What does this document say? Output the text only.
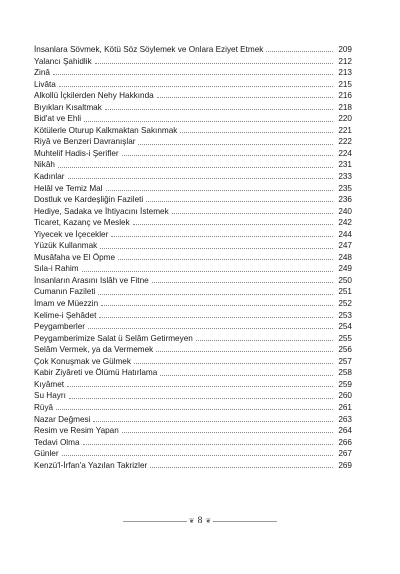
İnsanlara Sövmek, Kötü Söz Söylemek ve Onlara Eziyet Etmek	209
Yalancı Şahidlik	212
Zinâ	213
Livâta	215
Alkollü İçkilerden Nehy Hakkında	216
Bıyıkları Kısaltmak	218
Bid'at ve Ehli	220
Kötülerle Oturup Kalkmaktan Sakınmak	221
Riyâ ve Benzeri Davranışlar	222
Muhtelif Hadis-i Şerifler	224
Nikâh	231
Kadınlar	233
Helâl ve Temiz Mal	235
Dostluk ve Kardeşliğin Fazileti	236
Hediye, Sadaka ve İhtiyacını İstemek	240
Ticaret, Kazanç ve Meslek	242
Yiyecek ve İçecekler	244
Yüzük Kullanmak	247
Musâfaha ve El Öpme	248
Sıla-i Rahim	249
İnsanların Arasını Islâh ve Fitne	250
Cumanın Fazileti	251
İmam ve Müezzin	252
Kelime-i Şehâdet	253
Peygamberler	254
Peygamberimize Salat ü Selâm Getirmeyen	255
Selâm Vermek, ya da Vermemek	256
Çok Konuşmak ve Gülmek	257
Kabir Ziyâreti ve Ölümü Hatırlama	258
Kıyâmet	259
Su Hayrı	260
Rüyâ	261
Nazar Değmesi	263
Resim ve Resim Yapan	264
Tedavi Olma	266
Günler	267
Kenzü'l-İrfan'a Yazılan Takrizler	269
❦ 8 ❦
